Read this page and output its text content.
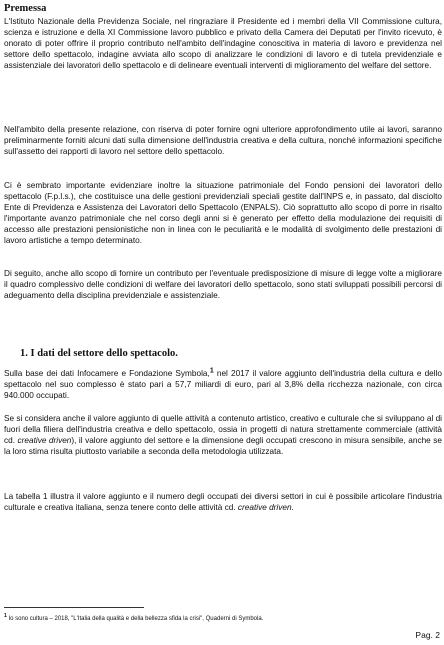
Premessa

L'Istituto Nazionale della Previdenza Sociale, nel ringraziare il Presidente ed i membri della VII Commissione cultura, scienza e istruzione e della XI Commissione lavoro pubblico e privato della Camera dei Deputati per l'invito ricevuto, è onorato di poter offrire il proprio contributo nell'ambito dell'indagine conoscitiva in materia di lavoro e previdenza nel settore dello spettacolo, indagine avviata allo scopo di analizzare le condizioni di lavoro e di tutela previdenziale e assistenziale dei lavoratori dello spettacolo e di delineare eventuali interventi di miglioramento del welfare del settore.

Nell'ambito della presente relazione, con riserva di poter fornire ogni ulteriore approfondimento utile ai lavori, saranno preliminarmente forniti alcuni dati sulla dimensione dell'industria creativa e della cultura, nonché informazioni specifiche sull'assetto dei rapporti di lavoro nel settore dello spettacolo.

Ci è sembrato importante evidenziare inoltre la situazione patrimoniale del Fondo pensioni dei lavoratori dello spettacolo (F.p.l.s.), che costituisce una delle gestioni previdenziali speciali gestite dall'INPS e, in passato, dal disciolto Ente di Previdenza e Assistenza dei Lavoratori dello Spettacolo (ENPALS). Ciò soprattutto allo scopo di porre in risalto l'importante avanzo patrimoniale che nel corso degli anni si è generato per effetto della modulazione dei requisiti di accesso alle prestazioni pensionistiche non in linea con le peculiarità e le modalità di svolgimento delle prestazioni di lavoro artistiche a tempo determinato.

Di seguito, anche allo scopo di fornire un contributo per l'eventuale predisposizione di misure di legge volte a migliorare il quadro complessivo delle condizioni di welfare dei lavoratori dello spettacolo, sono stati sviluppati possibili percorsi di adeguamento della disciplina previdenziale e assistenziale.

1. I dati del settore dello spettacolo.

Sulla base dei dati Infocamere e Fondazione Symbola,$^1$ nel 2017 il valore aggiunto dell'industria della cultura e dello spettacolo nel suo complesso è stato pari a 57,7 miliardi di euro, pari al 3,8% della ricchezza nazionale, con circa 940.000 occupati.

Se si considera anche il valore aggiunto di quelle attività a contenuto artistico, creativo e culturale che si sviluppano al di fuori della filiera dell'industria creativa e dello spettacolo, ossia in progetti di natura strettamente commerciale (attività cd. creative driven), il valore aggiunto del settore e la dimensione degli occupati crescono in misura sensibile, anche se la loro stima risulta piuttosto variabile a seconda della metodologia utilizzata.

La tabella 1 illustra il valore aggiunto e il numero degli occupati dei diversi settori in cui è possibile articolare l'industria culturale e creativa italiana, senza tenere conto delle attività cd. creative driven.

$^1$ Io sono cultura – 2018, "L'Italia della qualità e della bellezza sfida la crisi", Quaderni di Symbola.
Pag. 2
